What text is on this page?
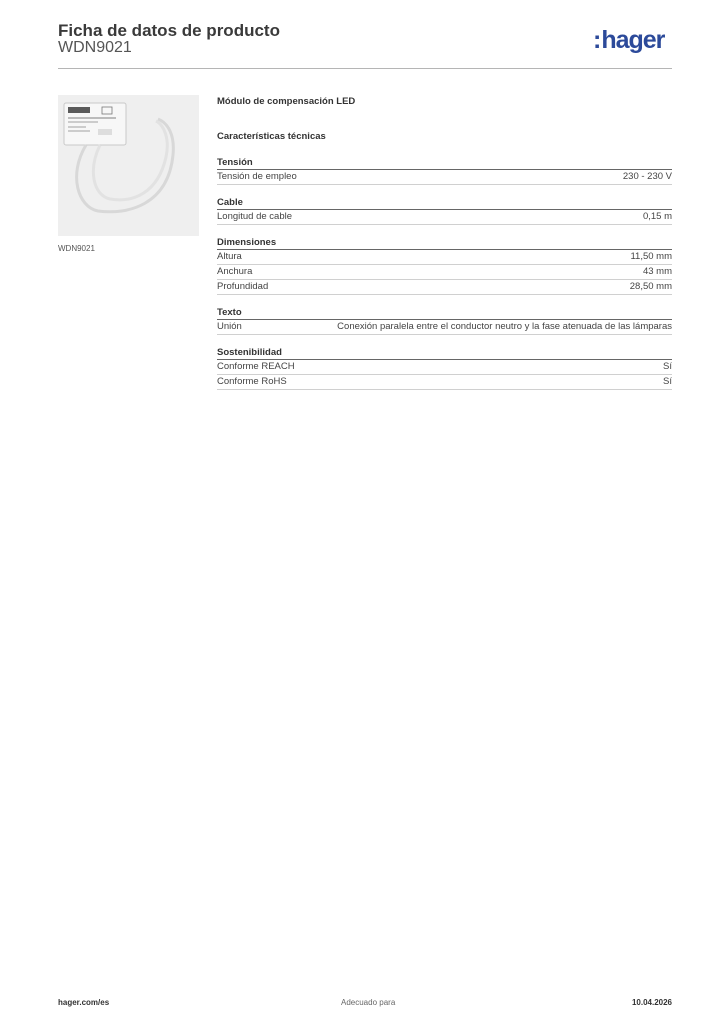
Ficha de datos de producto
WDN9021	:hager
WDN9021
Módulo de compensación LED
Características técnicas
Tensión
Tensión de empleo	230 - 230 V
Cable
Longitud de cable	0,15 m
Dimensiones
Altura	11,50 mm
Anchura	43 mm
Profundidad	28,50 mm
Texto
Unión	Conexión paralela entre el conductor neutro y la fase atenuada de las lámparas
Sostenibilidad
Conforme REACH	Sí
Conforme RoHS	Sí
hager.com/es	Adecuado para	10.04.2026
